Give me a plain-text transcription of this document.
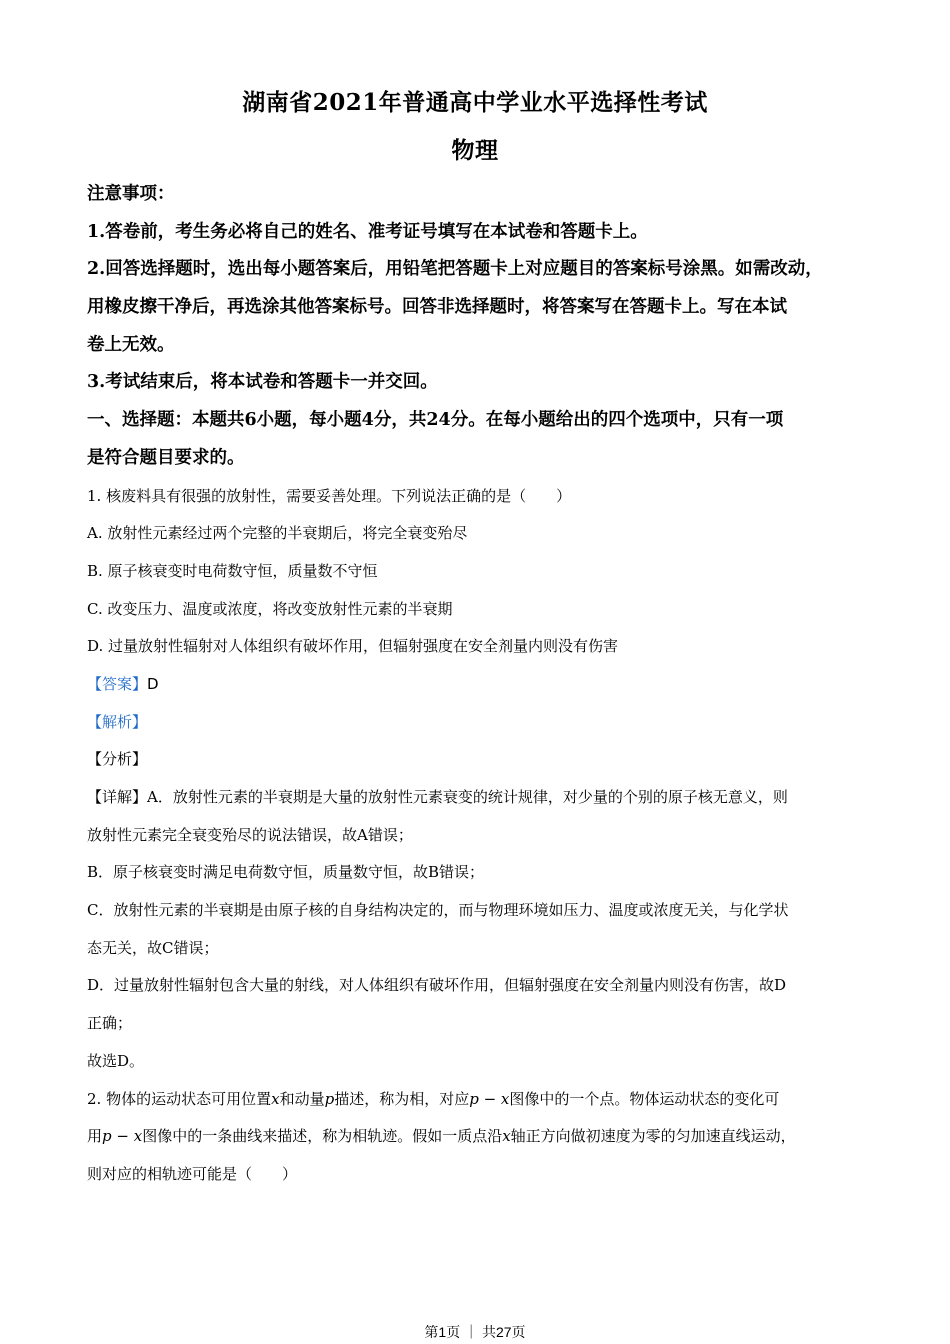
湖南省2021年普通高中学业水平选择性考试
物理
注意事项：
1.答卷前，考生务必将自己的姓名、准考证号填写在本试卷和答题卡上。
2.回答选择题时，选出每小题答案后，用铅笔把答题卡上对应题目的答案标号涂黑。如需改动，
用橡皮擦干净后，再选涂其他答案标号。回答非选择题时，将答案写在答题卡上。写在本试
卷上无效。
3.考试结束后，将本试卷和答题卡一并交回。
一、选择题：本题共6小题，每小题4分，共24分。在每小题给出的四个选项中，只有一项
是符合题目要求的。
1. 核废料具有很强的放射性，需要妥善处理。下列说法正确的是（　　）
A. 放射性元素经过两个完整的半衰期后，将完全衰变殆尽
B. 原子核衰变时电荷数守恒，质量数不守恒
C. 改变压力、温度或浓度，将改变放射性元素的半衰期
D. 过量放射性辐射对人体组织有破坏作用，但辐射强度在安全剂量内则没有伤害
【答案】D
【解析】
【分析】
【详解】A．放射性元素的半衰期是大量的放射性元素衰变的统计规律，对少量的个别的原子核无意义，则
放射性元素完全衰变殆尽的说法错误，故A错误；
B．原子核衰变时满足电荷数守恒，质量数守恒，故B错误；
C．放射性元素的半衰期是由原子核的自身结构决定的，而与物理环境如压力、温度或浓度无关，与化学状
态无关，故C错误；
D．过量放射性辐射包含大量的射线，对人体组织有破坏作用，但辐射强度在安全剂量内则没有伤害，故D
正确；
故选D。
2. 物体的运动状态可用位置x和动量p描述，称为相，对应p − x图像中的一个点。物体运动状态的变化可
用p − x图像中的一条曲线来描述，称为相轨迹。假如一质点沿x轴正方向做初速度为零的匀加速直线运动，
则对应的相轨迹可能是（　　）
第1页 ｜ 共27页
